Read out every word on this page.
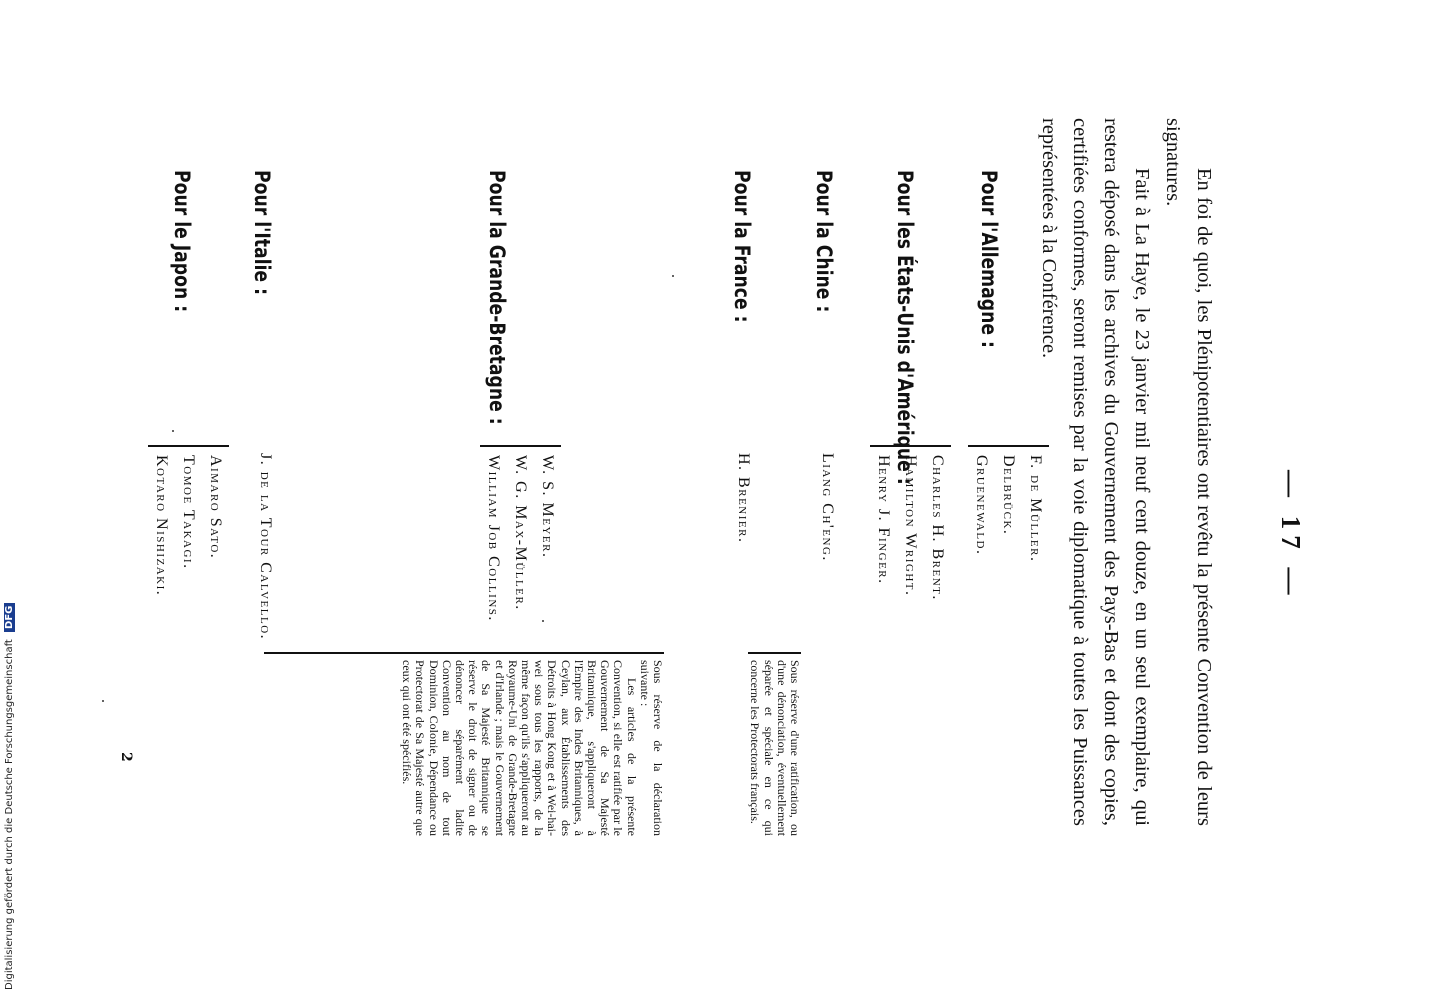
— 17 —

En foi de quoi, les Plénipotentiaires ont revêtu la présente Convention de leurs signatures.

Fait à La Haye, le 23 janvier mil neuf cent douze, en un seul exemplaire, qui restera déposé dans les archives du Gouvernement des Pays-Bas et dont des copies, certifiées conformes, seront remises par la voie diplomatique à toutes les Puissances représentées à la Conférence.

Pour l'Allemagne :
Pour les États-Unis d'Amérique :
Pour la Chine :
Pour la France :
Pour la Grande-Bretagne :
Pour l'Italie :
Pour le Japon :
F. de Müller.
Delbrück.
Gruenewald.
Charles H. Brent.
Hamilton Wright.
Henry J. Finger.
Liang Ch'eng.
H. Brenier.
W. S. Meyer.
W. G. Max-Müller.
William Job Collins.
J. de la Tour Calvello.
Aimaro Sato.
Tomoe Takagi.
Kotaro Nishizaki.

Sous réserve d'une ratification, ou d'une dénonciation, éventuellement séparée et spéciale en ce qui concerne les Protectorats français.

Sous réserve de la déclaration suivante :

Les articles de la présente Convention, si elle est ratifiée par le Gouvernement de Sa Majesté Britannique, s'appliqueront à l'Empire des Indes Britanniques, à Ceylan, aux Établissements des Détroits à Hong Kong et à Wei-hai-wei sous tous les rapports, de la même façon qu'ils s'appliqueront au Royaume-Uni de Grande-Bretagne et d'Irlande ; mais le Gouvernement de Sa Majesté Britannique se réserve le droit de signer ou de dénoncer séparément ladite Convention au nom de tout Dominion, Colonie, Dépendance ou Protectorat de Sa Majesté autre que ceux qui ont été spécifiés.

2
Digitalisierung gefördert durch die Deutsche Forschungsgemeinschaft DFG
